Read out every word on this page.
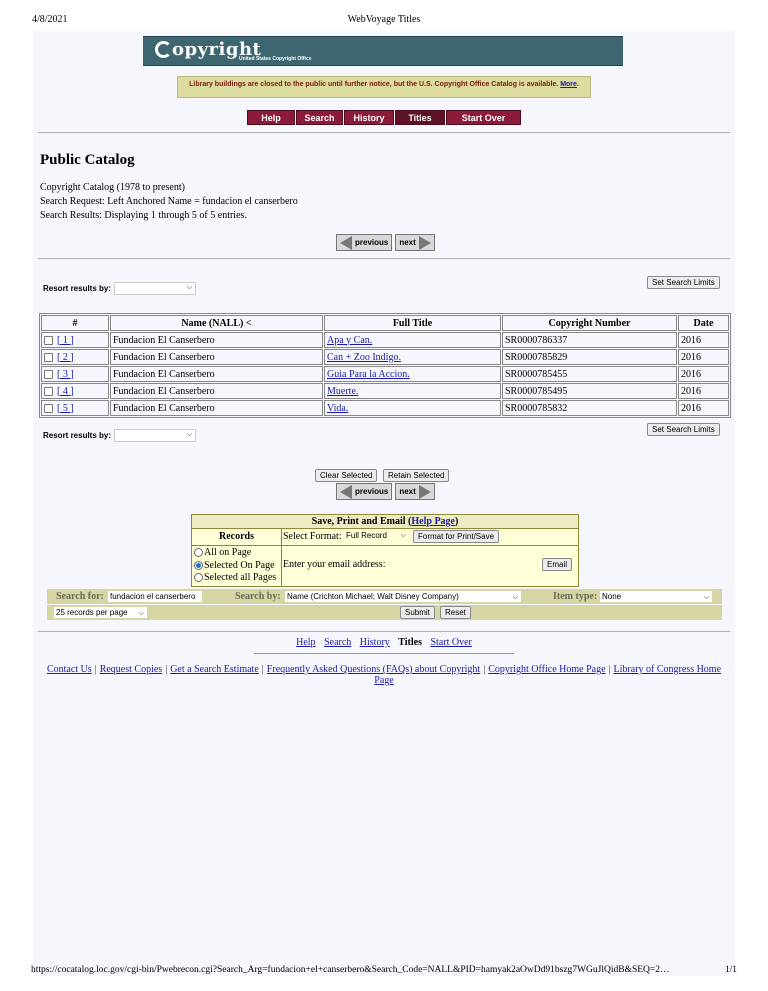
4/8/2021	WebVoyage Titles
opyright
United States Copyright Office
Library buildings are closed to the public until further notice, but the U.S. Copyright Office Catalog is available. More.
Help	Search	History	Titles	Start Over
Public Catalog
Copyright Catalog (1978 to present)
Search Request: Left Anchored Name = fundacion el canserbero
Search Results: Displaying 1 through 5 of 5 entries.
previous next
Resort results by:	⌵
Set Search Limits
#	Name (NALL) <	Full Title	Copyright Number	Date
[ 1 ]	Fundacion El Canserbero	Apa y Can.	SR0000786337	2016
[ 2 ]	Fundacion El Canserbero	Can + Zoo Indigo.	SR0000785829	2016
[ 3 ]	Fundacion El Canserbero	Guia Para la Accion.	SR0000785455	2016
[ 4 ]	Fundacion El Canserbero	Muerte.	SR0000785495	2016
[ 5 ]	Fundacion El Canserbero	Vida.	SR0000785832	2016
Resort results by:	⌵
Set Search Limits
Clear Selected	Retain Selected
previous next
Save, Print and Email (Help Page)
Records	Select Format: Full Record ⌵	Format for Print/Save
All on Page
Selected On Page
Selected all Pages
Enter your email address:	Email
Search for: fundacion el canserbero	Search by: Name (Crichton Michael; Walt Disney Company)	⌵	Item type: None	⌵
25 records per page ⌵	Submit	Reset
Help Search History Titles Start Over
Contact Us | Request Copies | Get a Search Estimate | Frequently Asked Questions (FAQs) about Copyright | Copyright Office Home Page | Library of Congress Home Page
https://cocatalog.loc.gov/cgi-bin/Pwebrecon.cgi?Search_Arg=fundacion+el+canserbero&Search_Code=NALL&PID=hamyak2aOwDd91bszg7WGuJlQidB&SEQ=2…	1/1
